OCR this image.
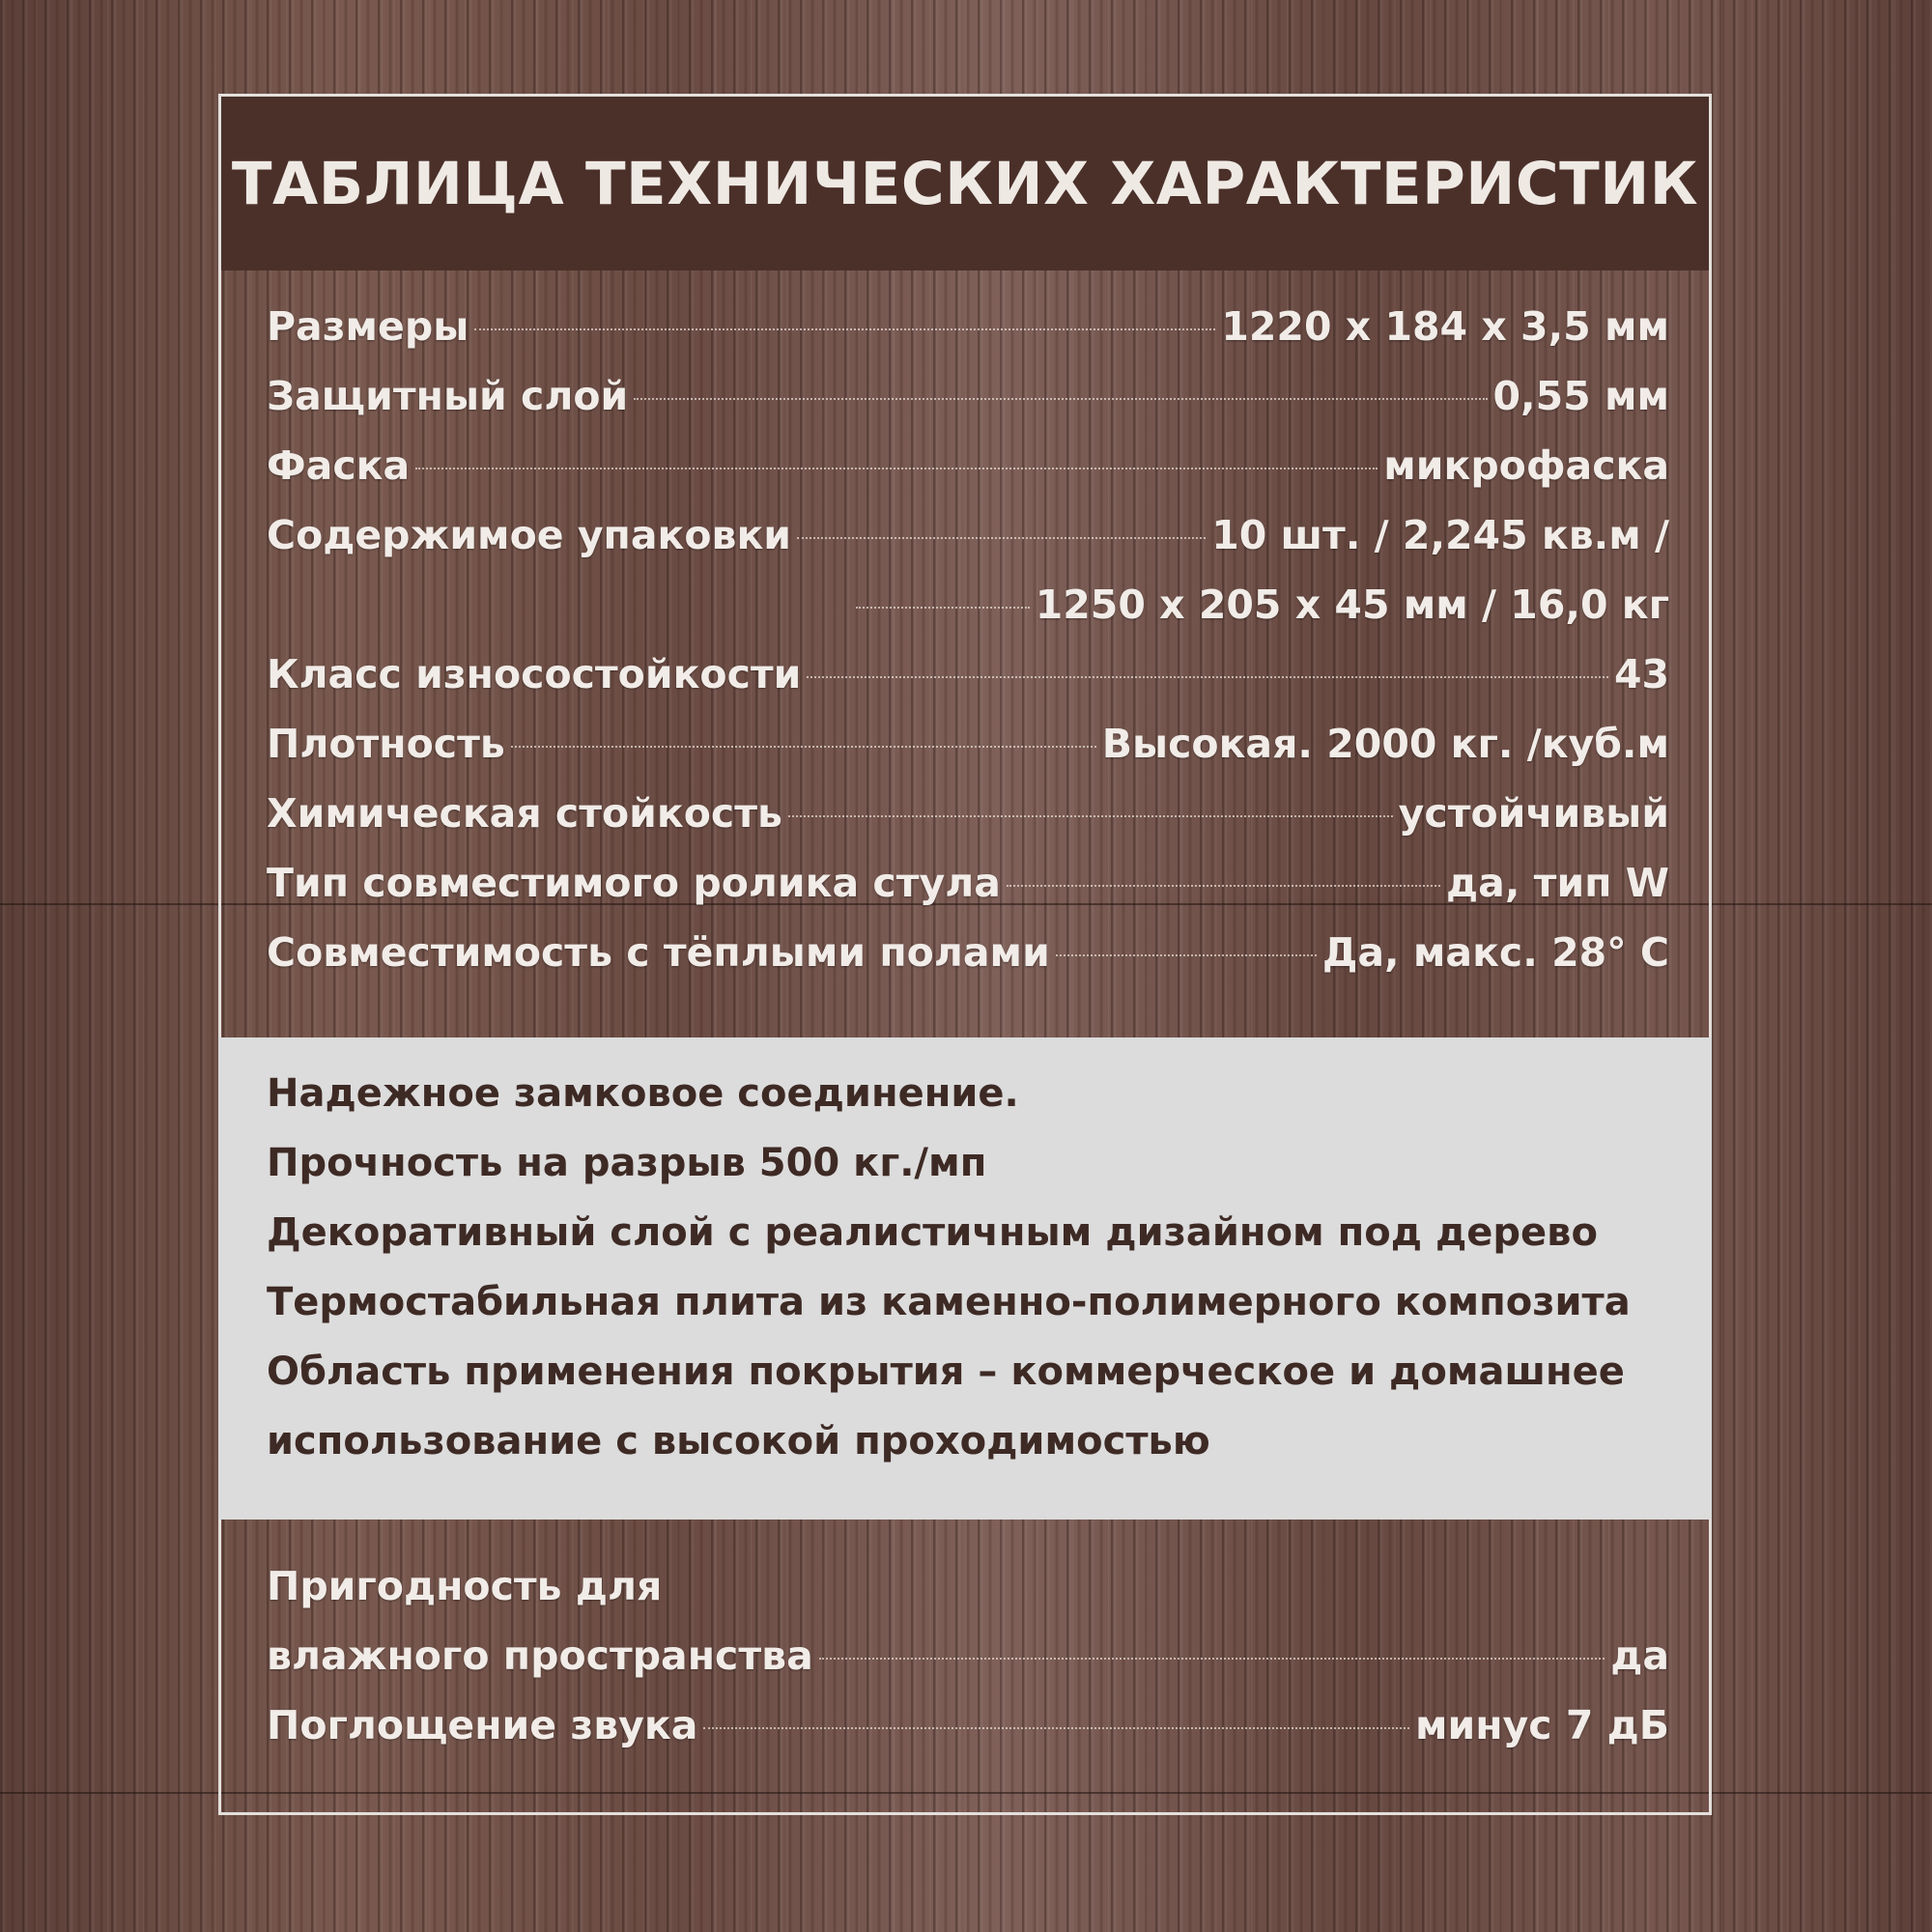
ТАБЛИЦА ТЕХНИЧЕСКИХ ХАРАКТЕРИСТИК
Размеры	1220 х 184 х 3,5 мм
Защитный слой	0,55 мм
Фаска	микрофаска
Содержимое упаковки	10 шт. / 2,245 кв.м /
1250 х 205 х 45 мм / 16,0 кг
Класс износостойкости	43
Плотность	Высокая. 2000 кг. /куб.м
Химическая стойкость	устойчивый
Тип совместимого ролика стула	да, тип W
Совместимость с тёплыми полами	Да, макс. 28° С

Надежное замковое соединение.

Прочность на разрыв 500 кг./мп

Декоративный слой с реалистичным дизайном под дерево

Термостабильная плита из каменно-полимерного композита

Область применения покрытия – коммерческое и домашнее

использование с высокой проходимостью

Пригодность для
влажного пространства	да
Поглощение звука	минус 7 дБ
